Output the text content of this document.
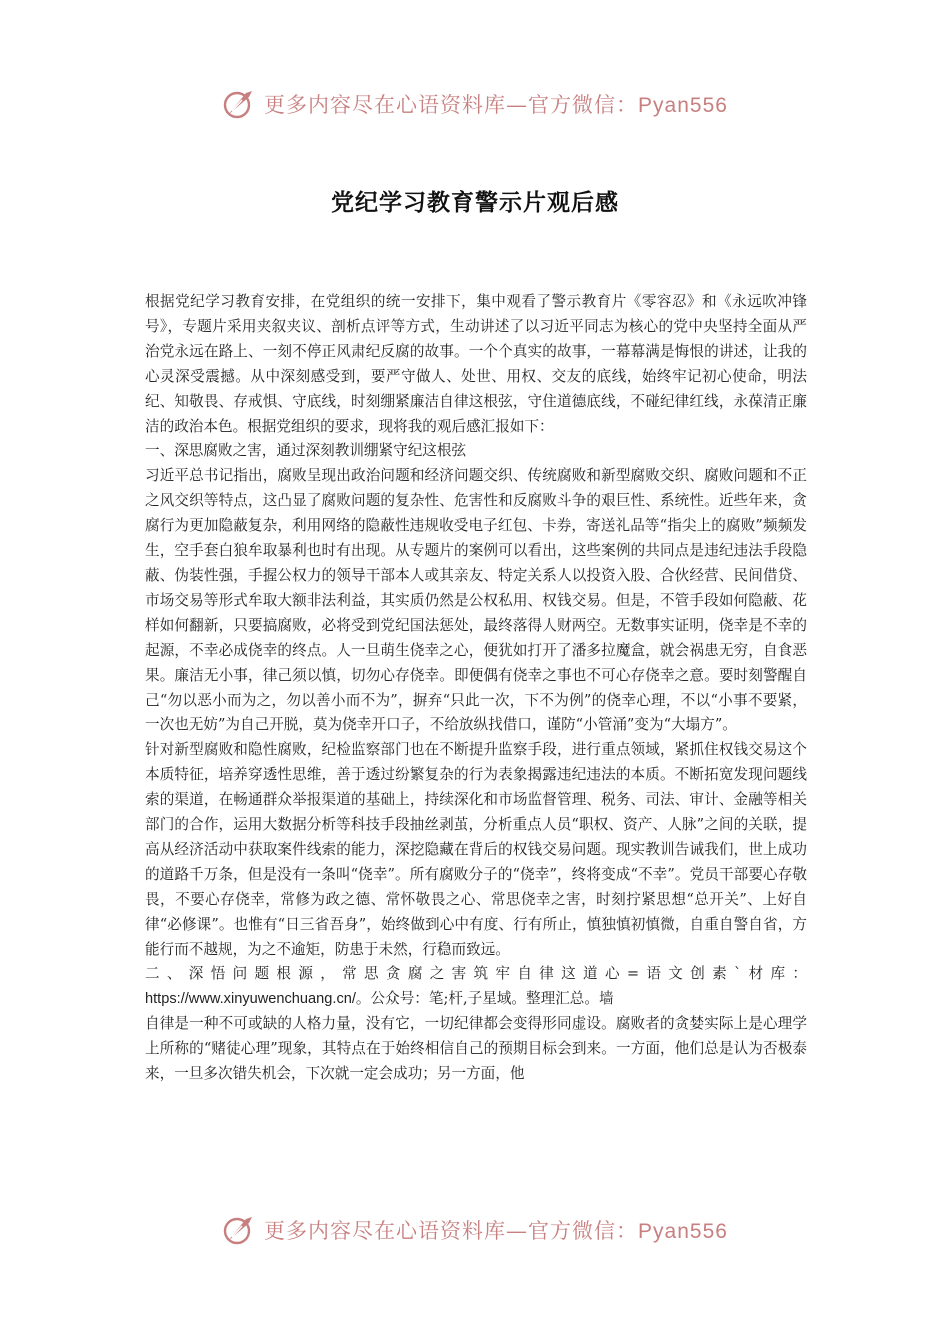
更多内容尽在心语资料库—官方微信：Pyan556
党纪学习教育警示片观后感

根据党纪学习教育安排，在党组织的统一安排下，集中观看了警示教育片《零容忍》和《永远吹冲锋号》，专题片采用夹叙夹议、剖析点评等方式，生动讲述了以习近平同志为核心的党中央坚持全面从严治党永远在路上、一刻不停正风肃纪反腐的故事。一个个真实的故事，一幕幕满是悔恨的讲述，让我的心灵深受震撼。从中深刻感受到，要严守做人、处世、用权、交友的底线，始终牢记初心使命，明法纪、知敬畏、存戒惧、守底线，时刻绷紧廉洁自律这根弦，守住道德底线，不碰纪律红线，永葆清正廉洁的政治本色。根据党组织的要求，现将我的观后感汇报如下：

一、深思腐败之害，通过深刻教训绷紧守纪这根弦

习近平总书记指出，腐败呈现出政治问题和经济问题交织、传统腐败和新型腐败交织、腐败问题和不正之风交织等特点，这凸显了腐败问题的复杂性、危害性和反腐败斗争的艰巨性、系统性。近些年来，贪腐行为更加隐蔽复杂，利用网络的隐蔽性违规收受电子红包、卡券，寄送礼品等“指尖上的腐败”频频发生，空手套白狼牟取暴利也时有出现。从专题片的案例可以看出，这些案例的共同点是违纪违法手段隐蔽、伪装性强，手握公权力的领导干部本人或其亲友、特定关系人以投资入股、合伙经营、民间借贷、市场交易等形式牟取大额非法利益，其实质仍然是公权私用、权钱交易。但是，不管手段如何隐蔽、花样如何翻新，只要搞腐败，必将受到党纪国法惩处，最终落得人财两空。无数事实证明，侥幸是不幸的起源，不幸必成侥幸的终点。人一旦萌生侥幸之心，便犹如打开了潘多拉魔盒，就会祸患无穷，自食恶果。廉洁无小事，律己须以慎，切勿心存侥幸。即便偶有侥幸之事也不可心存侥幸之意。要时刻警醒自己“勿以恶小而为之，勿以善小而不为”，摒弃“只此一次，下不为例”的侥幸心理，不以“小事不要紧，一次也无妨”为自己开脱，莫为侥幸开口子，不给放纵找借口，谨防“小管涌”变为“大塌方”。

针对新型腐败和隐性腐败，纪检监察部门也在不断提升监察手段，进行重点领域，紧抓住权钱交易这个本质特征，培养穿透性思维，善于透过纷繁复杂的行为表象揭露违纪违法的本质。不断拓宽发现问题线索的渠道，在畅通群众举报渠道的基础上，持续深化和市场监督管理、税务、司法、审计、金融等相关部门的合作，运用大数据分析等科技手段抽丝剥茧，分析重点人员“职权、资产、人脉”之间的关联，提高从经济活动中获取案件线索的能力，深挖隐藏在背后的权钱交易问题。现实教训告诫我们，世上成功的道路千万条，但是没有一条叫“侥幸”。所有腐败分子的“侥幸”，终将变成“不幸”。党员干部要心存敬畏，不要心存侥幸，常修为政之德、常怀敬畏之心、常思侥幸之害，时刻拧紧思想“总开关”、上好自律“必修课”。也惟有“日三省吾身”，始终做到心中有度、行有所止，慎独慎初慎微，自重自警自省，方能行而不越规，为之不逾矩，防患于未然，行稳而致远。

二、深悟问题根源，常思贪腐之害筑牢自律这道心=语文创素`材库：https://www.xinyuwenchuang.cn/。公众号：笔;杆,子星域。整理汇总。墙

自律是一种不可或缺的人格力量，没有它，一切纪律都会变得形同虚设。腐败者的贪婪实际上是心理学上所称的“赌徒心理”现象，其特点在于始终相信自己的预期目标会到来。一方面，他们总是认为否极泰来，一旦多次错失机会，下次就一定会成功；另一方面，他

更多内容尽在心语资料库—官方微信：Pyan556
